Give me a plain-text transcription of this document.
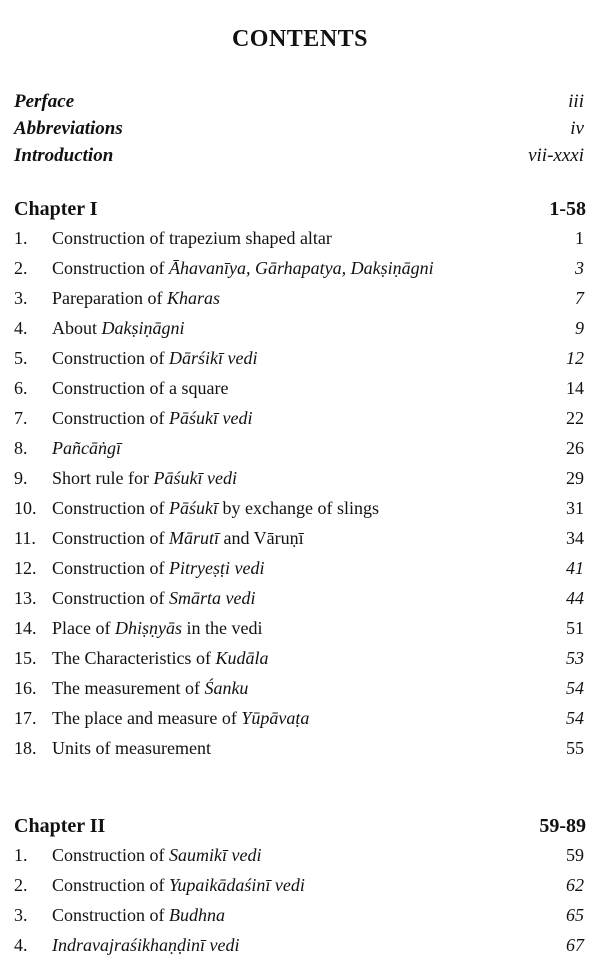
CONTENTS
Perface	iii
Abbreviations	iv
Introduction	vii-xxxi
Chapter I	1-58
1.	Construction of trapezium shaped altar	1
2.	Construction of Āhavanīya, Gārhapatya, Dakṣiṇāgni	3
3.	Pareparation of Kharas	7
4.	About Dakṣiṇāgni	9
5.	Construction of Dārśikī vedi	12
6.	Construction of a square	14
7.	Construction of Pāśukī vedi	22
8.	Pañcāṅgī	26
9.	Short rule for Pāśukī vedi	29
10. Construction of Pāśukī by exchange of slings	31
11. Construction of Mārutī and Vāruṇī	34
12. Construction of Pitryeṣṭi vedi	41
13. Construction of Smārta vedi	44
14. Place of Dhiṣṇyās in the vedi	51
15. The Characteristics of Kudāla	53
16. The measurement of Śanku	54
17. The place and measure of Yūpāvaṭa	54
18. Units of measurement	55
Chapter II	59-89
1.	Construction of Saumikī vedi	59
2.	Construction of Yupaikādaśinī vedi	62
3.	Construction of Budhna	65
4.	Indravajraśikhaṇḍinī vedi	67
